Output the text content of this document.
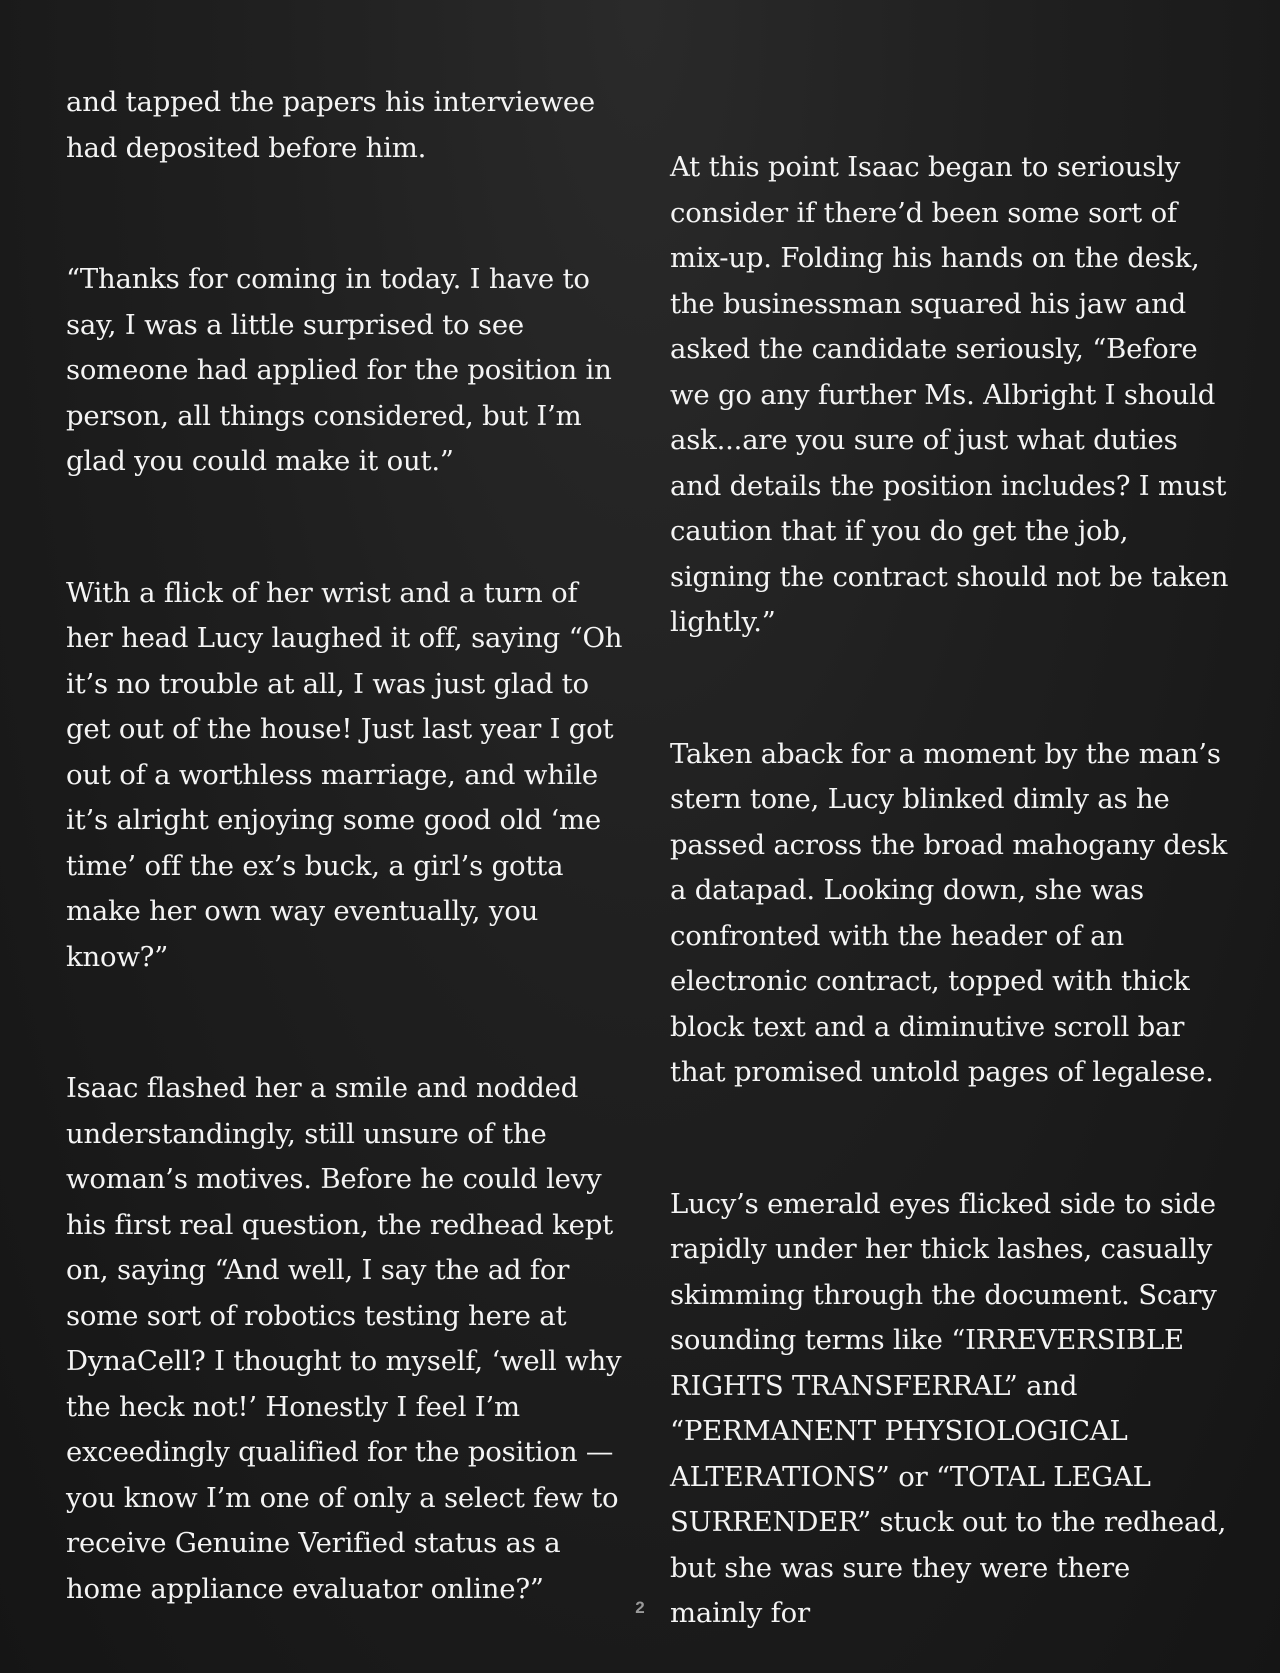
and tapped the papers his interviewee had deposited before him.

“Thanks for coming in today. I have to say, I was a little surprised to see someone had applied for the position in person, all things considered, but I’m glad you could make it out.”

With a flick of her wrist and a turn of her head Lucy laughed it off, saying “Oh it’s no trouble at all, I was just glad to get out of the house! Just last year I got out of a worthless marriage, and while it’s alright enjoying some good old ‘me time’ off the ex’s buck, a girl’s gotta make her own way eventually, you know?”

Isaac flashed her a smile and nodded understandingly, still unsure of the woman’s motives. Before he could levy his first real question, the redhead kept on, saying “And well, I say the ad for some sort of robotics testing here at DynaCell? I thought to myself, ‘well why the heck not!’ Honestly I feel I’m exceedingly qualified for the position — you know I’m one of only a select few to receive Genuine Verified status as a home appliance evaluator online?”

At this point Isaac began to seriously consider if there’d been some sort of mix-up. Folding his hands on the desk, the businessman squared his jaw and asked the candidate seriously, “Before we go any further Ms. Albright I should ask...are you sure of just what duties and details the position includes? I must caution that if you do get the job, signing the contract should not be taken lightly.”

Taken aback for a moment by the man’s stern tone, Lucy blinked dimly as he passed across the broad mahogany desk a datapad. Looking down, she was confronted with the header of an electronic contract, topped with thick block text and a diminutive scroll bar that promised untold pages of legalese.

Lucy’s emerald eyes flicked side to side rapidly under her thick lashes, casually skimming through the document. Scary sounding terms like “IRREVERSIBLE RIGHTS TRANSFERRAL” and “PERMANENT PHYSIOLOGICAL ALTERATIONS” or “TOTAL LEGAL SURRENDER” stuck out to the redhead, but she was sure they were there mainly for

2
